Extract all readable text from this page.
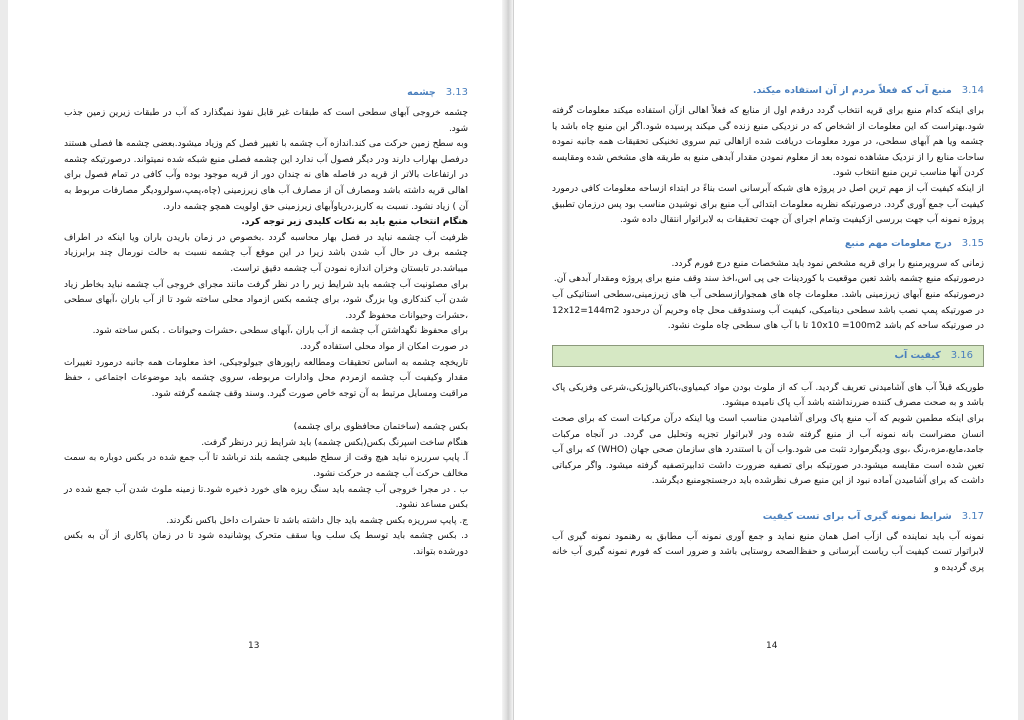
3.13چشمه

چشمه خروجی آبهای سطحی است که طبقات غیر قابل نفوذ نمیگذارد که آب در طبقات زیرین زمین جذب شود.

وبه سطح زمین حرکت می کند.اندازه آب چشمه با تغییر فصل کم وزیاد میشود.بعضی چشمه ها فصلی هستند درفصل بهاراب دارند ودر دیگر فصول آب ندارد این چشمه فصلی منبع شبکه شده نمیتواند. درصورتیکه چشمه در ارتفاعات بالاتر از قریه در فاصله های نه چندان دور از قریه موجود بوده وآب کافی در تمام فصول برای اهالی قریه داشته باشد ومصارف آن از مصارف آب های زیرزمینی (چاه،پمپ،سولرودیگر مصارفات مربوط به آن ) زیاد نشود. نسبت به کاریز،دریاوآبهای زیرزمینی حق اولویت همچو چشمه دارد.

هنگام انتخاب منبع باید به نکات کلیدی زیر توجه کرد.

ظرفیت آب چشمه نباید در فصل بهار محاسبه گردد .بخصوص در زمان باریدن باران ویا اینکه در اطراف چشمه برف در حال آب شدن باشد زیرا در این موقع آب چشمه نسبت به حالت نورمال چند برابرزیاد میباشد.در تابستان وخزان اندازه نمودن آب چشمه دقیق تراست.

برای مصئونیت آب چشمه باید شرایط زیر را در نظر گرفت مانند مجرای خروجی آب چشمه نباید بخاطر زیاد شدن آب کندکاری ویا بزرگ شود، برای چشمه بکس ازمواد محلی ساخته شود تا از آب باران ،آبهای سطحی ،حشرات وحیوانات محفوظ گردد.

برای محفوظ نگهداشتن آب چشمه از آب باران ،آبهای سطحی ،حشرات وحیوانات . بکس ساخته شود.

در صورت امکان از مواد محلی استفاده گردد.

تاریخچه چشمه به اساس تحقیقات ومطالعه راپورهای جیولوجیکی، اخذ معلومات همه جانبه درمورد تغییرات مقدار وکیفیت آب چشمه ازمردم محل وادارات مربوطه، سروی چشمه باید موضوعات اجتماعی ، حفظ مراقبت ومسایل مرتبط به آن توجه خاص صورت گیرد. وسند وقف چشمه گرفته شود.

بکس چشمه (ساختمان محافظوی برای چشمه)

هنگام ساخت اسپرنگ بکس(بکس چشمه) باید شرایط زیر درنظر گرفت.

آ. پایپ سرریزه نباید هیچ وقت از سطح طبیعی چشمه بلند ترباشد تا آب جمع شده در بکس دوباره به سمت مخالف حرکت آب چشمه در حرکت نشود.

ب . در مجرا خروجی آب چشمه باید سنگ ریزه های خورد ذخیره شود.تا زمینه ملوث شدن آب جمع شده در بکس مساعد نشود.

ج. پایپ سرریزه بکس چشمه باید جال داشته باشد تا حشرات داخل باکس نگردند.

د. بکس چشمه باید توسط یک سلب ویا سقف متحرک پوشانیده شود تا در زمان پاکاری از آن به بکس دورشده بتواند.

13
3.14منبع آب که فعلاً مردم از آن استفاده میکند.

برای اینکه کدام منبع برای قریه انتخاب گردد درقدم اول از منابع که فعلاً اهالی ازآن استفاده میکند معلومات گرفته شود.بهتراست که این معلومات از اشخاص که در نزدیکی منبع زنده گی میکند پرسیده شود.اگر این منبع چاه باشد یا چشمه ویا هم آبهای سطحی، در مورد معلومات دریافت شده ازاهالی تیم سروی تخنیکی تحقیقات همه جانبه نموده ساحات منابع را از نزدیک مشاهده نموده بعد از معلوم نمودن مقدار آبدهی منبع به طریقه های مشخص شده ومقایسه کردن آنها مناسب ترین منبع انتخاب شود.

از اینکه کیفیت آب از مهم ترین اصل در پروژه های شبکه آبرسانی است بناءً در ابتداء ازساحه معلومات کافی درمورد کیفیت آب جمع آوری گردد. درصورتیکه نظریه معلومات ابتدائی آب منبع برای نوشیدن مناسب بود پس درزمان تطبیق پروژه نمونه آب جهت بررسی ازکیفیت وتمام اجرای آن جهت تحقیقات به لابراتوار انتقال داده شود.

3.15درج معلومات مهم منبع

زمانی که سرویرمنبع را برای قریه مشخص نمود باید مشخصات منبع درج فورم گردد.

درصورتیکه منبع چشمه باشد تعین موقعیت با کوردینات جی پی اس،اخذ سند وقف منبع برای پروژه ومقدار آبدهی آن.

درصورتیکه منبع آبهای زیرزمینی باشد. معلومات چاه های همجوارازسطحی آب های زیرزمینی،سطحی استاتیکی آب در صورتیکه پمپ نصب باشد سطحی دینامیکی، کیفیت آب وسندوقف محل چاه وحریم آن درحدود 12x12=144m2 در صورتیکه ساحه کم باشد 10x10 =100m2 تا با آب های سطحی چاه ملوث نشود.

3.16کیفیت آب

طوریکه قبلاً آب های آشامیدنی تعریف گردید. آب که از ملوث بودن مواد کیمیاوی،باکتریالوژیکی،شرعی وفزیکی پاک باشد و به صحت مصرف کننده ضررنداشته باشد آب پاک نامیده میشود.

برای اینکه مطمین شویم که آب منبع پاک وبرای آشامیدن مناسب است ویا اینکه درآن مرکبات است که برای صحت انسان مضراست بانه نمونه آب از منبع گرفته شده ودر لابراتوار تجزیه وتحلیل می گردد. در آنجاه مرکبات جامد،مایع،مزه،رنگ ،بوی ودیگرموارد تثبت می شود.واب آن با استندرد های سازمان صحی جهان (WHO) که برای آب تعین شده است مقایسه میشود.در صورتیکه برای تصفیه ضرورت داشت تدابیرتصفیه گرفته میشود. واگر مرکباتی داشت که برای آشامیدن آماده نبود از این منبع صرف نظرشده باید درجستجومنبع دیگرشد.

3.17شرایط نمونه گیری آب برای تست کیفیت

نمونه آب باید نماینده گی ازآب اصل همان منبع نماید و جمع آوری نمونه آب مطابق به رهنمود نمونه گیری آب لابراتوار تست کیفیت آب ریاست آبرسانی و حفظ‌الصحه روستایی باشد و ضرور است که فورم نمونه گیری آب خانه پری گردیده و

14
